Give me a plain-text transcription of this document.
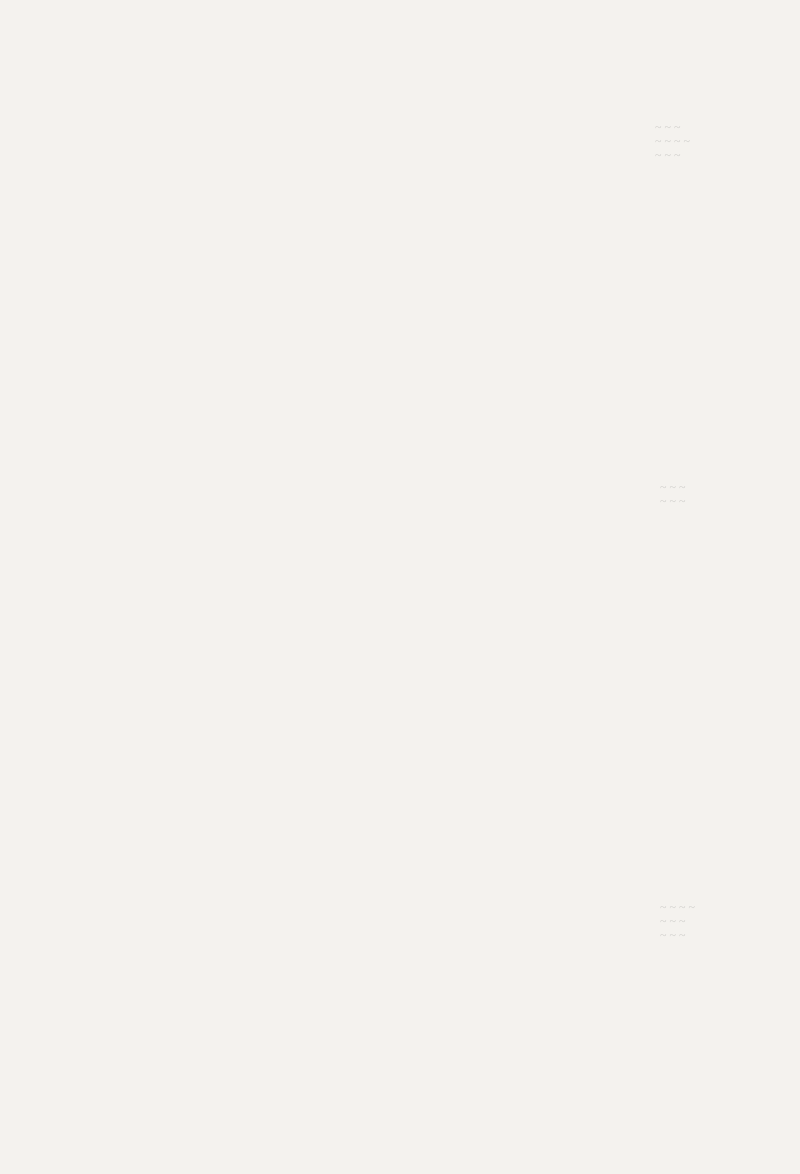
~ ~ ~
~ ~ ~ ~
~ ~ ~
~ ~ ~
~ ~ ~
~ ~ ~ ~
~ ~ ~
~ ~ ~
